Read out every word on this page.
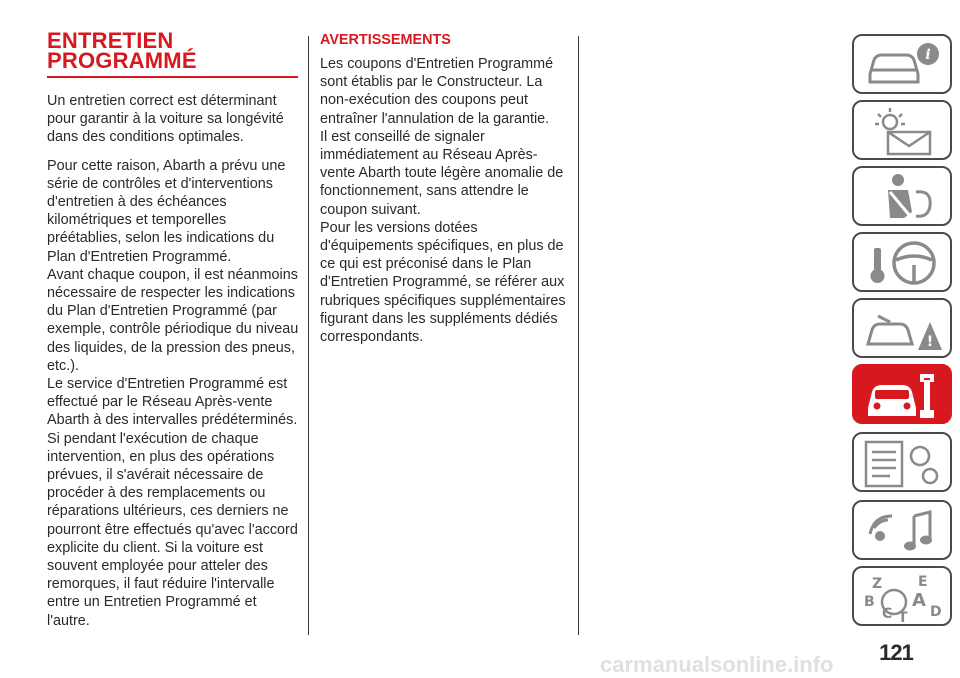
ENTRETIEN
PROGRAMMÉ

Un entretien correct est déterminant pour garantir à la voiture sa longévité dans des conditions optimales.

Pour cette raison, Abarth a prévu une série de contrôles et d'interventions d'entretien à des échéances kilométriques et temporelles préétablies, selon les indications du Plan d'Entretien Programmé.

Avant chaque coupon, il est néanmoins nécessaire de respecter les indications du Plan d'Entretien Programmé (par exemple, contrôle périodique du niveau des liquides, de la pression des pneus, etc.).

Le service d'Entretien Programmé est effectué par le Réseau Après-vente Abarth à des intervalles prédéterminés. Si pendant l'exécution de chaque intervention, en plus des opérations prévues, il s'avérait nécessaire de procéder à des remplacements ou réparations ultérieurs, ces derniers ne pourront être effectués qu'avec l'accord explicite du client. Si la voiture est souvent employée pour atteler des remorques, il faut réduire l'intervalle entre un Entretien Programmé et l'autre.

AVERTISSEMENTS

Les coupons d'Entretien Programmé sont établis par le Constructeur. La non-exécution des coupons peut entraîner l'annulation de la garantie.

Il est conseillé de signaler immédiatement au Réseau Après-vente Abarth toute légère anomalie de fonctionnement, sans attendre le coupon suivant.

Pour les versions dotées d'équipements spécifiques, en plus de ce qui est préconisé dans le Plan d'Entretien Programmé, se référer aux rubriques spécifiques supplémentaires figurant dans les suppléments dédiés correspondants.

i
!
Z	E
B A
C T D
121
carmanualsonline.info
